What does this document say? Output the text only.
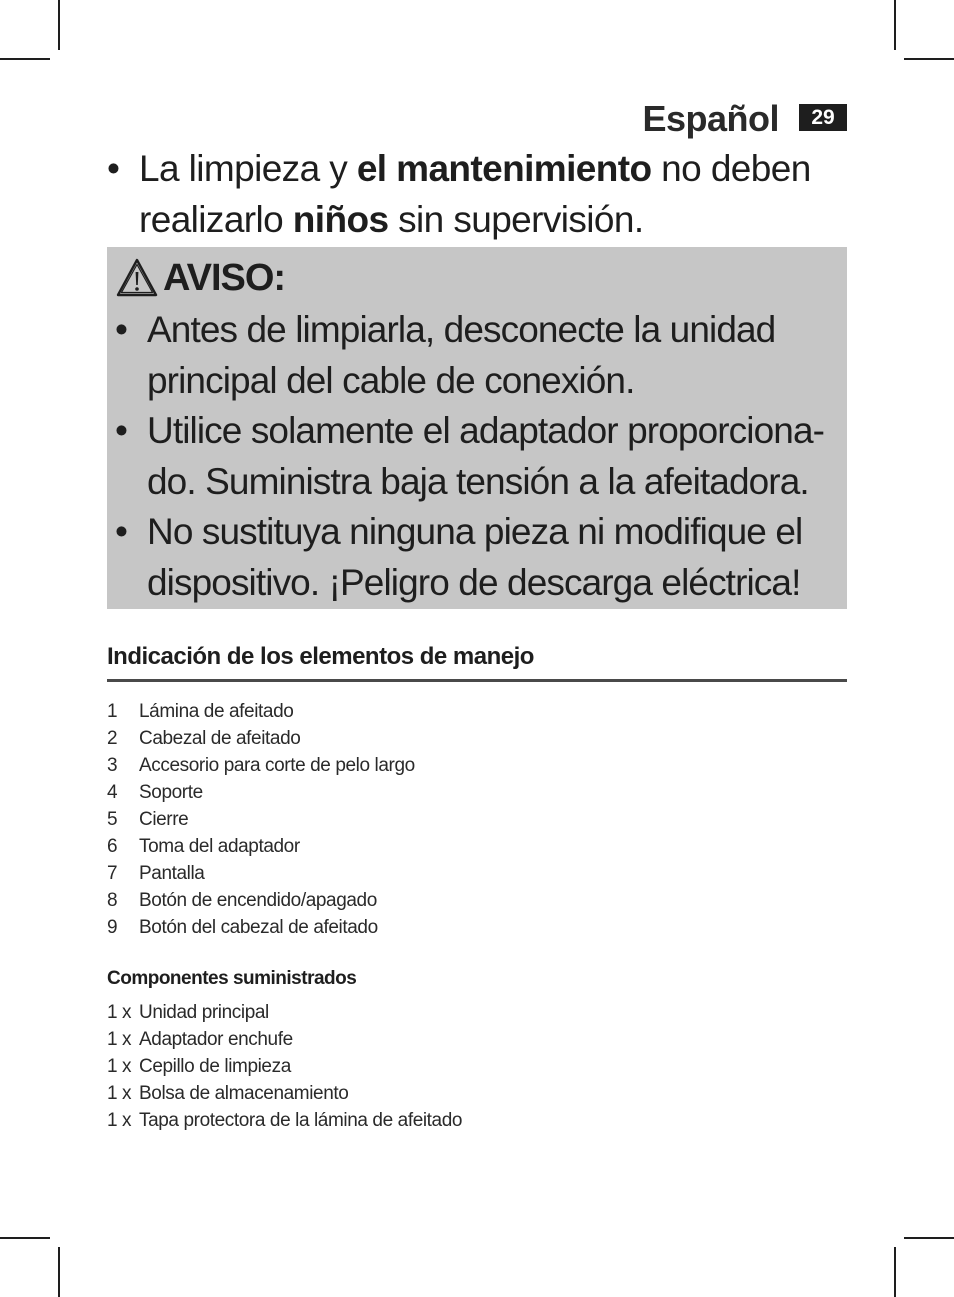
Español	29
• La limpieza y el mantenimiento no deben realizarlo niños sin supervisión.
AVISO:
• Antes de limpiarla, desconecte la unidad principal del cable de conexión.
• Utilice solamente el adaptador proporciona- do. Suministra baja tensión a la afeitadora.
• No sustituya ninguna pieza ni modifique el dispositivo. ¡Peligro de descarga eléctrica!
Indicación de los elementos de manejo
1	Lámina de afeitado
2	Cabezal de afeitado
3	Accesorio para corte de pelo largo
4	Soporte
5	Cierre
6	Toma del adaptador
7	Pantalla
8	Botón de encendido/apagado
9	Botón del cabezal de afeitado
Componentes suministrados
1 x Unidad principal
1 x Adaptador enchufe
1 x Cepillo de limpieza
1 x Bolsa de almacenamiento
1 x Tapa protectora de la lámina de afeitado
